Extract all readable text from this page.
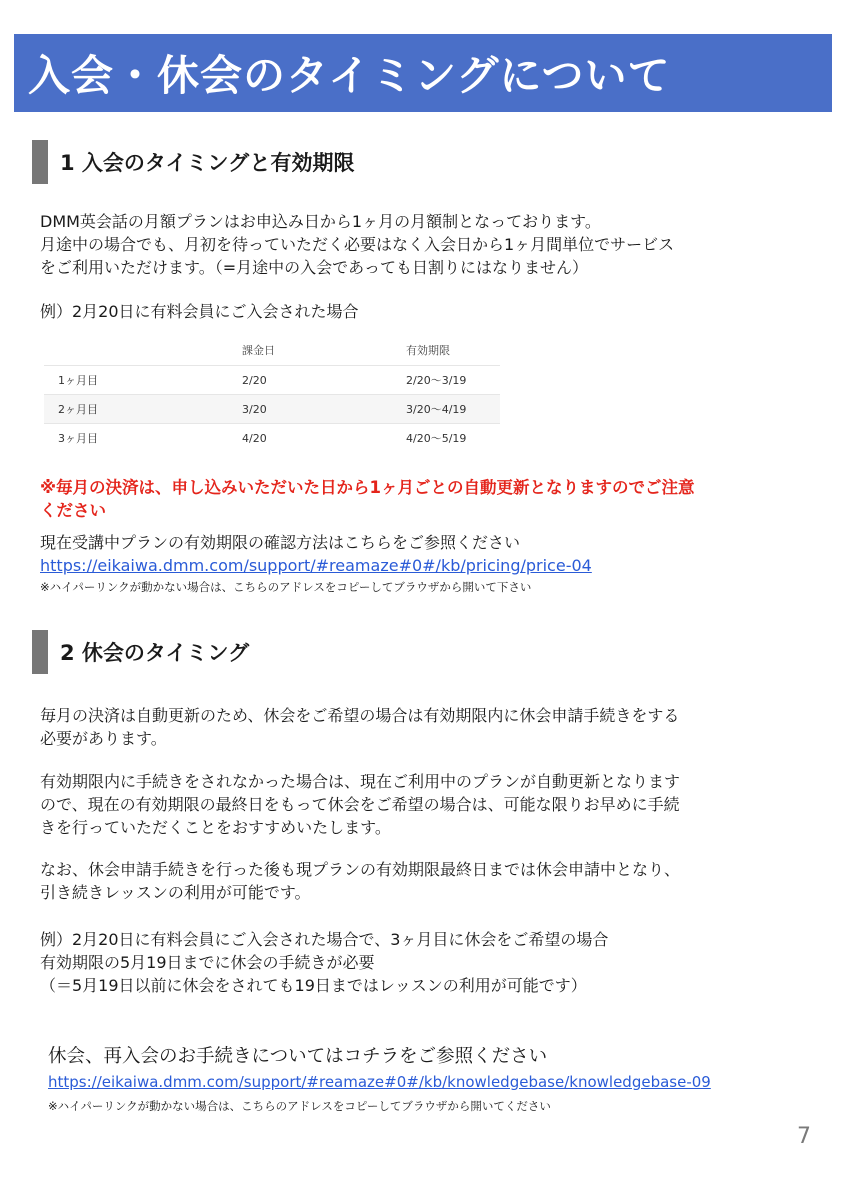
入会・休会のタイミングについて
1 入会のタイミングと有効期限
DMM英会話の月額プランはお申込み日から1ヶ月の月額制となっております。
月途中の場合でも、月初を待っていただく必要はなく入会日から1ヶ月間単位でサービス
をご利用いただけます。（=月途中の入会であっても日割りにはなりません）
例）2月20日に有料会員にご入会された場合
	課金日	有効期限
1ヶ月目	2/20	2/20〜3/19
2ヶ月目	3/20	3/20〜4/19
3ヶ月目	4/20	4/20〜5/19
※毎月の決済は、申し込みいただいた日から1ヶ月ごとの自動更新となりますのでご注意
ください
現在受講中プランの有効期限の確認方法はこちらをご参照ください
https://eikaiwa.dmm.com/support/#reamaze#0#/kb/pricing/price-04
※ハイパーリンクが動かない場合は、こちらのアドレスをコピーしてブラウザから開いて下さい
2 休会のタイミング
毎月の決済は自動更新のため、休会をご希望の場合は有効期限内に休会申請手続きをする
必要があります。
有効期限内に手続きをされなかった場合は、現在ご利用中のプランが自動更新となります
ので、現在の有効期限の最終日をもって休会をご希望の場合は、可能な限りお早めに手続
きを行っていただくことをおすすめいたします。
なお、休会申請手続きを行った後も現プランの有効期限最終日までは休会申請中となり、
引き続きレッスンの利用が可能です。
例）2月20日に有料会員にご入会された場合で、3ヶ月目に休会をご希望の場合
有効期限の5月19日までに休会の手続きが必要
（＝5月19日以前に休会をされても19日まではレッスンの利用が可能です）
休会、再入会のお手続きについてはコチラをご参照ください
https://eikaiwa.dmm.com/support/#reamaze#0#/kb/knowledgebase/knowledgebase-09
※ハイパーリンクが動かない場合は、こちらのアドレスをコピーしてブラウザから開いてください
7
